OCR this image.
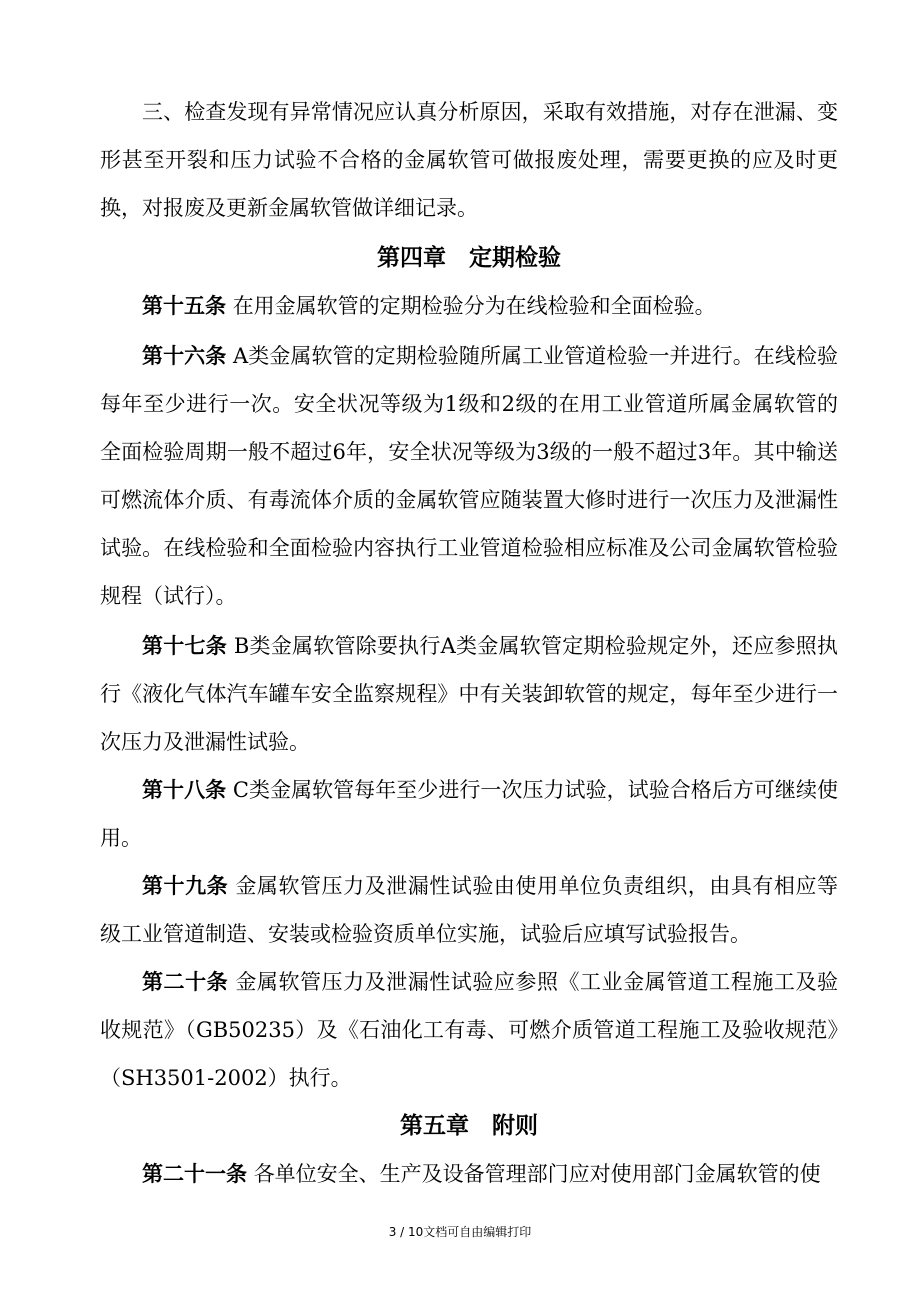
三、检查发现有异常情况应认真分析原因，采取有效措施，对存在泄漏、变形甚至开裂和压力试验不合格的金属软管可做报废处理，需要更换的应及时更换，对报废及更新金属软管做详细记录。

第四章　定期检验

第十五条 在用金属软管的定期检验分为在线检验和全面检验。

第十六条 A类金属软管的定期检验随所属工业管道检验一并进行。在线检验每年至少进行一次。安全状况等级为1级和2级的在用工业管道所属金属软管的全面检验周期一般不超过6年，安全状况等级为3级的一般不超过3年。其中输送可燃流体介质、有毒流体介质的金属软管应随装置大修时进行一次压力及泄漏性试验。在线检验和全面检验内容执行工业管道检验相应标准及公司金属软管检验规程（试行）。

第十七条 B类金属软管除要执行A类金属软管定期检验规定外，还应参照执行《液化气体汽车罐车安全监察规程》中有关装卸软管的规定，每年至少进行一次压力及泄漏性试验。

第十八条 C类金属软管每年至少进行一次压力试验，试验合格后方可继续使用。

第十九条 金属软管压力及泄漏性试验由使用单位负责组织，由具有相应等级工业管道制造、安装或检验资质单位实施，试验后应填写试验报告。

第二十条 金属软管压力及泄漏性试验应参照《工业金属管道工程施工及验收规范》（GB50235）及《石油化工有毒、可燃介质管道工程施工及验收规范》（SH3501-2002）执行。

第五章　附则

第二十一条 各单位安全、生产及设备管理部门应对使用部门金属软管的使

3 / 10文档可自由编辑打印
